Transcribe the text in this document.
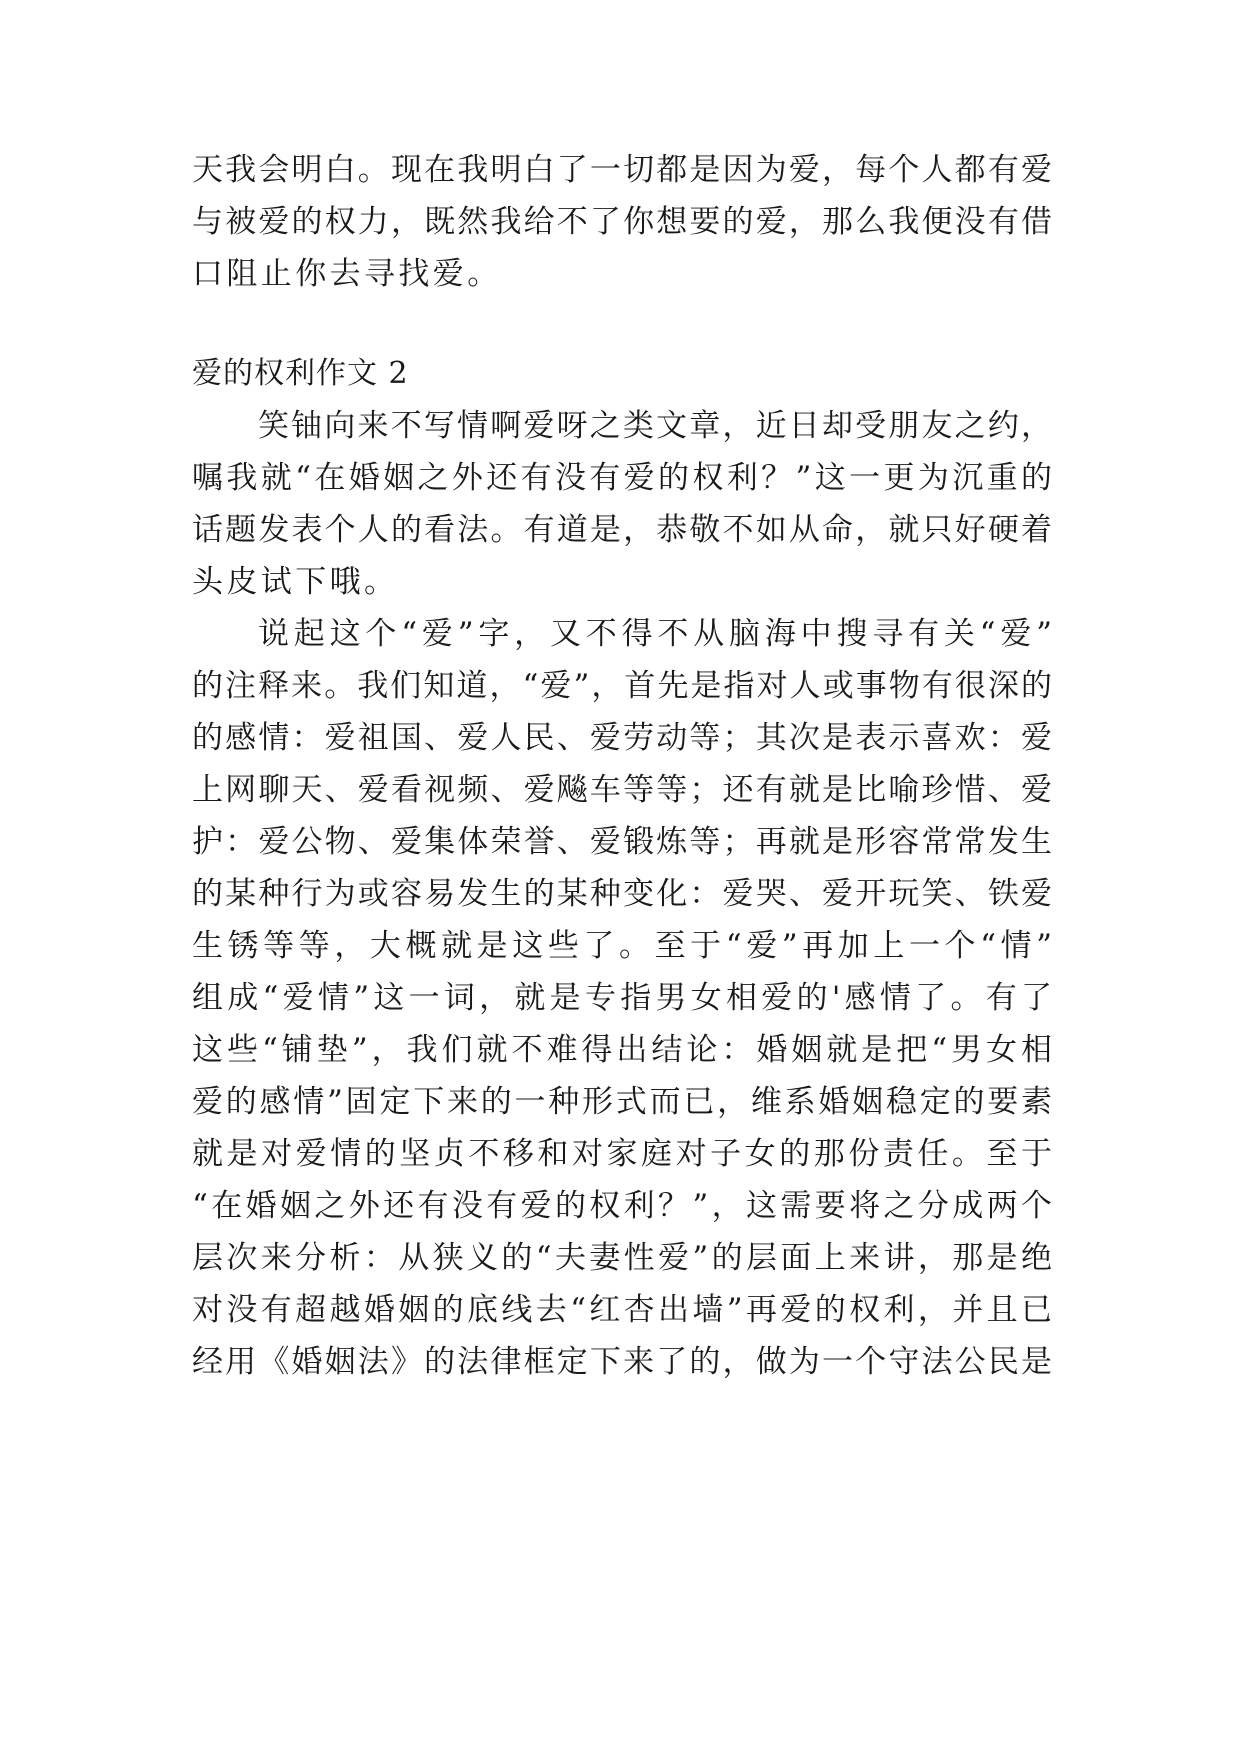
天我会明白。现在我明白了一切都是因为爱，每个人都有爱
与被爱的权力，既然我给不了你想要的爱，那么我便没有借
口阻止你去寻找爱。
爱的权利作文 2
笑铀向来不写情啊爱呀之类文章，近日却受朋友之约，
嘱我就“在婚姻之外还有没有爱的权利？”这一更为沉重的
话题发表个人的看法。有道是，恭敬不如从命，就只好硬着
头皮试下哦。
说起这个“爱”字，又不得不从脑海中搜寻有关“爱”
的注释来。我们知道，“爱”，首先是指对人或事物有很深的
的感情：爱祖国、爱人民、爱劳动等；其次是表示喜欢：爱
上网聊天、爱看视频、爱飚车等等；还有就是比喻珍惜、爱
护：爱公物、爱集体荣誉、爱锻炼等；再就是形容常常发生
的某种行为或容易发生的某种变化：爱哭、爱开玩笑、铁爱
生锈等等，大概就是这些了。至于“爱”再加上一个“情”
组成“爱情”这一词，就是专指男女相爱的'感情了。有了
这些“铺垫”，我们就不难得出结论：婚姻就是把“男女相
爱的感情”固定下来的一种形式而已，维系婚姻稳定的要素
就是对爱情的坚贞不移和对家庭对子女的那份责任。至于
“在婚姻之外还有没有爱的权利？”，这需要将之分成两个
层次来分析：从狭义的“夫妻性爱”的层面上来讲，那是绝
对没有超越婚姻的底线去“红杏出墙”再爱的权利，并且已
经用《婚姻法》的法律框定下来了的，做为一个守法公民是
